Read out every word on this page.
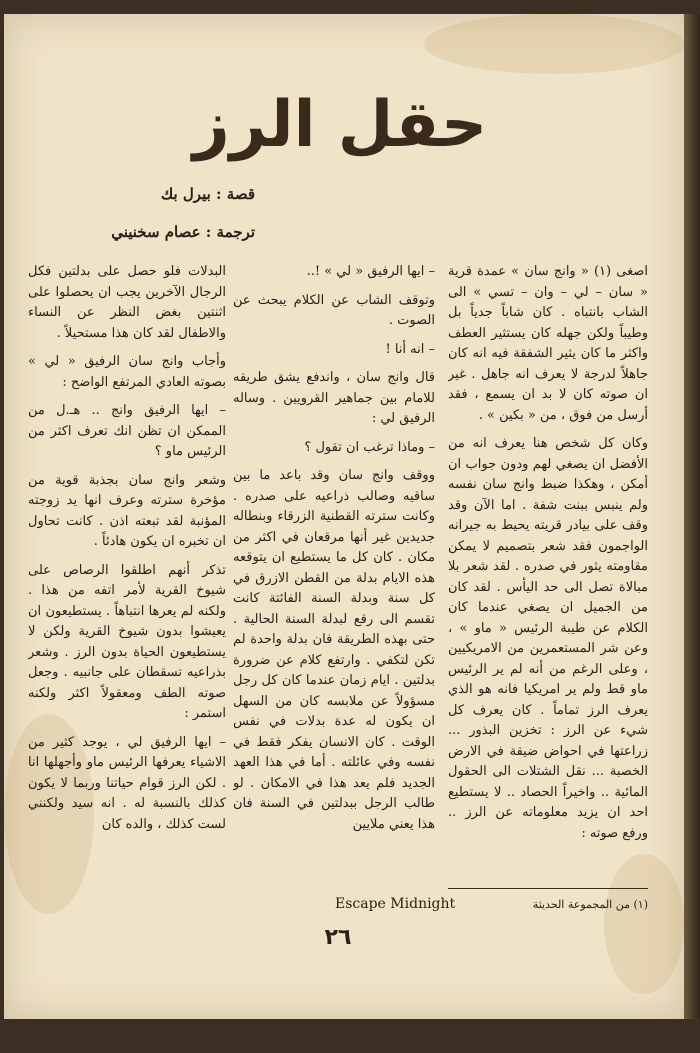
حقل الرز
قصة : بيرل بك
ترجمة : عصام سخنيني

اصغى (١) « وانج سان » عمدة قرية « سان – لي – وان – تسي » الى الشاب بانتباه . كان شاباً جدياً بل وطيباً ولكن جهله كان يستثير العطف واكثر ما كان يثير الشفقة فيه انه كان جاهلاً لدرجة لا يعرف انه جاهل . غير ان صوته كان لا بد ان يسمع ، فقد أرسل من فوق ، من « بكين » .

وكان كل شخص هنا يعرف انه من الأفضل ان يصغي لهم ودون جواب ان أمكن ، وهكذا ضبط وانج سان نفسه ولم ينبس ببنت شفة . اما الآن وقد وقف على بيادر قريته يحيط به جيرانه الواجمون فقد شعر بتصميم لا يمكن مقاومته يثور في صدره . لقد شعر بلا مبالاة تصل الى حد اليأس . لقد كان من الجميل ان يصغي عندما كان الكلام عن طيبة الرئيس « ماو » ، وعن شر المستعمرين من الامريكيين ، وعلى الرغم من أنه لم ير الرئيس ماو قط ولم ير امريكيا فانه هو الذي يعرف الرز تماماً . كان يعرف كل شيء عن الرز : تخزين البذور ... زراعتها في احواض ضيقة في الارض الخصبة ... نقل الشتلات الى الحقول المائية .. واخيراً الحصاد .. لا يستطيع احد ان يزيد معلوماته عن الرز .. ورفع صوته :

– ايها الرفيق « لي » !..

وتوقف الشاب عن الكلام يبحث عن الصوت .

– انه أنا !

قال وانج سان ، واندفع يشق طريقه للامام بين جماهير القرويين . وساله الرفيق لي :

– وماذا ترغب ان تقول ؟

ووقف وانج سان وقد باعد ما بين ساقيه وصالب ذراعيه على صدره . وكانت سترته القطنية الزرقاء وبنطاله جديدين غير أنها مرقعان في اكثر من مكان . كان كل ما يستطيع ان يتوقعه هذه الايام بدلة من القطن الازرق في كل سنة وبدلة السنة الفائتة كانت تقسم الى رقع لبدلة السنة الحالية . حتى بهذه الطريقة فان بدلة واحدة لم تكن لتكفي . وارتفع كلام عن ضرورة بدلتين . ايام زمان عندما كان كل رجل مسؤولاً عن ملابسه كان من السهل ان يكون له عدة بدلات في نفس الوقت . كان الانسان يفكر فقط في نفسه وفي عائلته . أما في هذا العهد الجديد فلم يعد هذا في الامكان . لو طالب الرجل ببدلتين في السنة فان هذا يعني ملايين

البدلات فلو حصل على بدلتين فكل الرجال الآخرين يجب ان يحصلوا على اثنتين بغض النظر عن النساء والاطفال لقد كان هذا مستحيلاً .

وأجاب وانج سان الرفيق « لي » بصوته العادي المرتفع الواضح :

– ايها الرفيق وانج .. هـ.ل من الممكن ان تظن انك تعرف اكثر من الرئيس ماو ؟

وشعر وانج سان بجذبة قوية من مؤخرة سترته وعرف انها يد زوجته المؤنبة لقد تبعته اذن . كانت تحاول ان تخبره ان يكون هادئاً .

تذكر أنهم اطلقوا الرصاص على شيوخ القرية لأمر اتفه من هذا . ولكنه لم يعرها انتباهاً . يستطيعون ان يعيشوا بدون شيوخ القرية ولكن لا يستطيعون الحياة بدون الرز . وشعر بذراعيه تسقطان على جانبيه . وجعل صوته الطف ومعقولاً اكثر ولكنه استمر :

– ايها الرفيق لي ، يوجد كثير من الاشياء يعرفها الرئيس ماو وأجهلها انا . لكن الرز قوام حياتنا وربما لا يكون كذلك بالنسبة له . انه سيد ولكنني لست كذلك ، والده كان

(١) من المجموعة الحديثة
Escape Midnight
٢٦
